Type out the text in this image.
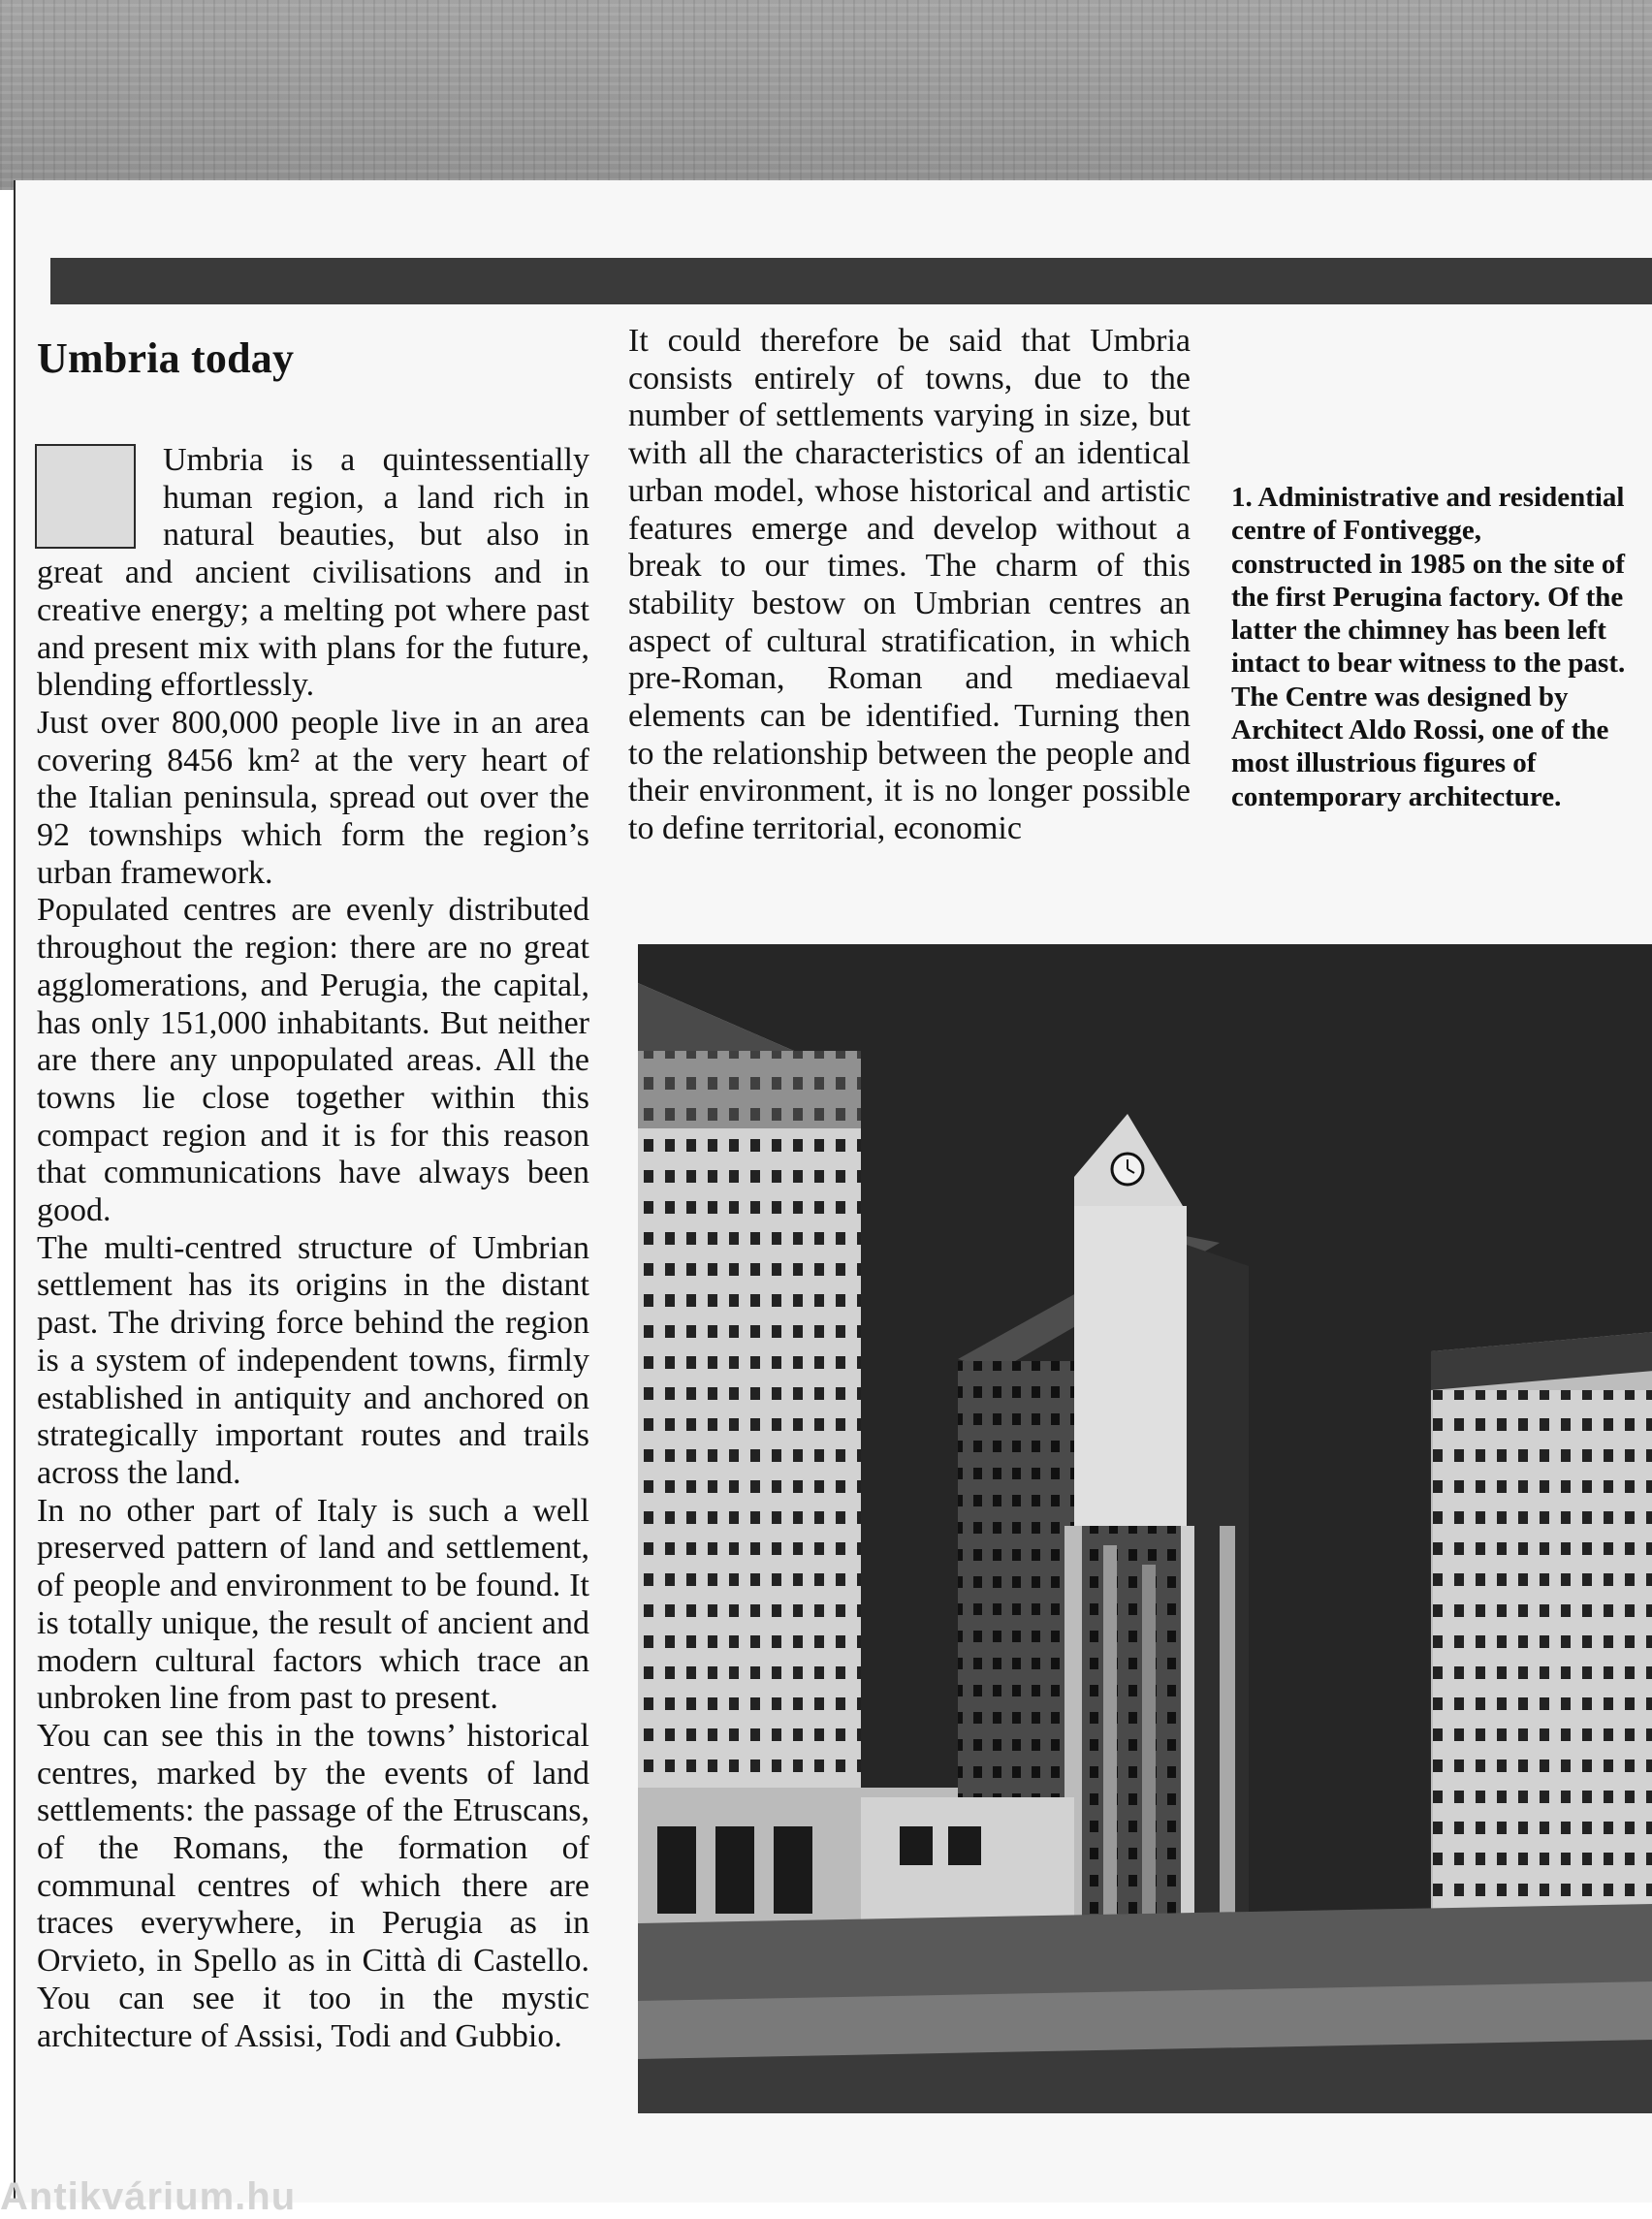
Umbria today

Umbria is a quintessentially human region, a land rich in natural beauties, but also in great and ancient civilisations and in creative energy; a melting pot where past and present mix with plans for the future, blending effortlessly.

Just over 800,000 people live in an area covering 8456 km² at the very heart of the Italian peninsula, spread out over the 92 townships which form the region’s urban framework.

Populated centres are evenly distributed throughout the region: there are no great agglomerations, and Perugia, the capital, has only 151,000 inhabitants. But neither are there any unpopulated areas. All the towns lie close together within this compact region and it is for this reason that communications have always been good.

The multi-centred structure of Umbrian settlement has its origins in the distant past. The driving force behind the region is a system of independent towns, firmly established in antiquity and anchored on strategically important routes and trails across the land.

In no other part of Italy is such a well preserved pattern of land and settlement, of people and environment to be found. It is totally unique, the result of ancient and modern cultural factors which trace an unbroken line from past to present.

You can see this in the towns’ historical centres, marked by the events of land settlements: the passage of the Etruscans, of the Romans, the formation of communal centres of which there are traces everywhere, in Perugia as in Orvieto, in Spello as in Città di Castello. You can see it too in the mystic architecture of Assisi, Todi and Gubbio.

It could therefore be said that Umbria consists entirely of towns, due to the number of settlements varying in size, but with all the characteristics of an identical urban model, whose historical and artistic features emerge and develop without a break to our times. The charm of this stability bestow on Umbrian centres an aspect of cultural stratification, in which pre-Roman, Roman and mediaeval elements can be identified. Turning then to the relationship between the people and their environment, it is no longer possible to define territorial, economic

1. Administrative and residential centre of Fontivegge, constructed in 1985 on the site of the first Perugina factory. Of the latter the chimney has been left intact to bear witness to the past. The Centre was designed by Architect Aldo Rossi, one of the most illustrious figures of contemporary architecture.

Antikvárium.hu
